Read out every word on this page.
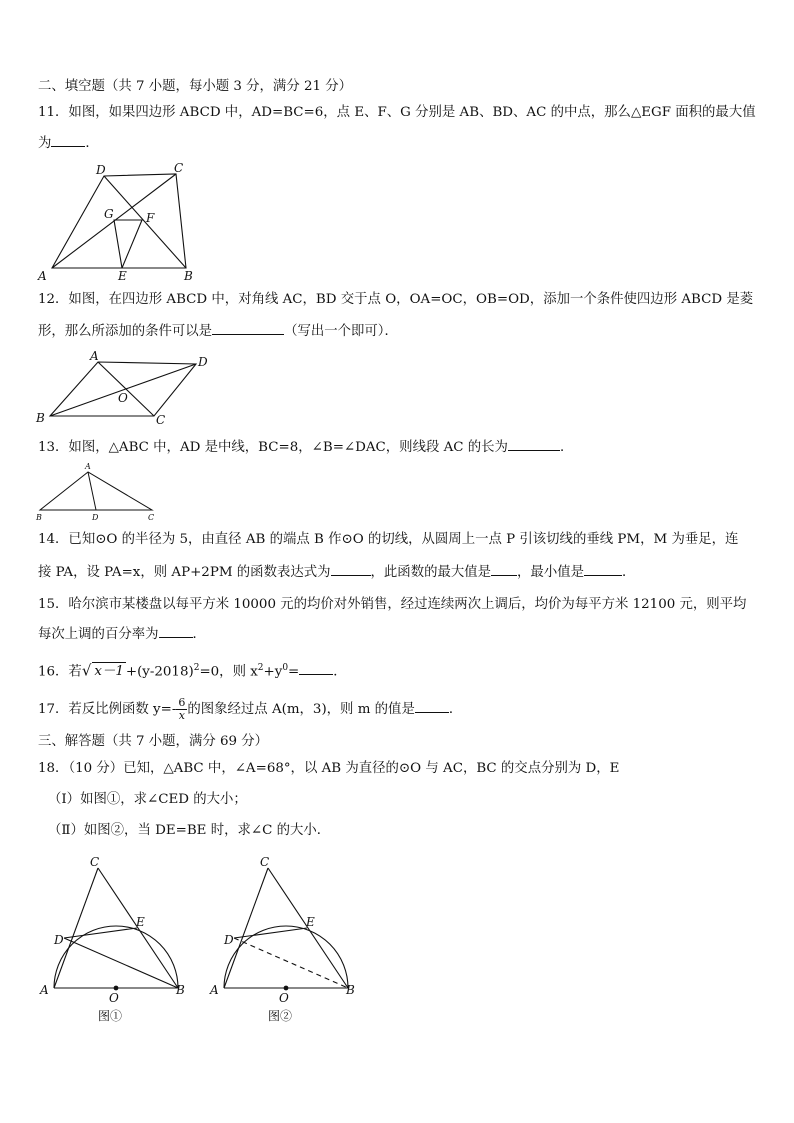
二、填空题（共 7 小题，每小题 3 分，满分 21 分）
11．如图，如果四边形 ABCD 中，AD=BC=6，点 E、F、G 分别是 AB、BD、AC 的中点，那么△EGF 面积的最大值
为	．
A	B
C
D
E
F
G
12．如图，在四边形 ABCD 中，对角线 AC，BD 交于点 O，OA=OC，OB=OD，添加一个条件使四边形 ABCD 是菱
形，那么所添加的条件可以是	（写出一个即可）．
A
B	C
D
O
13．如图，△ABC 中，AD 是中线，BC=8，∠B=∠DAC，则线段 AC 的长为	．
A
B	D	C
14．已知⊙O 的半径为 5，由直径 AB 的端点 B 作⊙O 的切线，从圆周上一点 P 引该切线的垂线 PM，M 为垂足，连
接 PA，设 PA=x，则 AP+2PM 的函数表达式为	，此函数的最大值是 ，最小值是	．
15．哈尔滨市某楼盘以每平方米 10000 元的均价对外销售，经过连续两次上调后，均价为每平方米 12100 元，则平均
每次上调的百分率为	．
16．若√ $x-1 +(y-2018)^2=0$，则 $x^2+y^0=$	．
17．若反比例函数 $y=- \frac{6}{x}$ 的图象经过点 A(m，3)，则 m 的值是	．
三、解答题（共 7 小题，满分 69 分）
18．（10 分）已知，△ABC 中，∠A=68°，以 AB 为直径的⊙O 与 AC，BC 的交点分别为 D，E
（Ⅰ）如图①，求∠CED 的大小；
（Ⅱ）如图②，当 DE=BE 时，求∠C 的大小．
C
D
E
A	B
O
图①
C
D
E
A	B
O
图②
